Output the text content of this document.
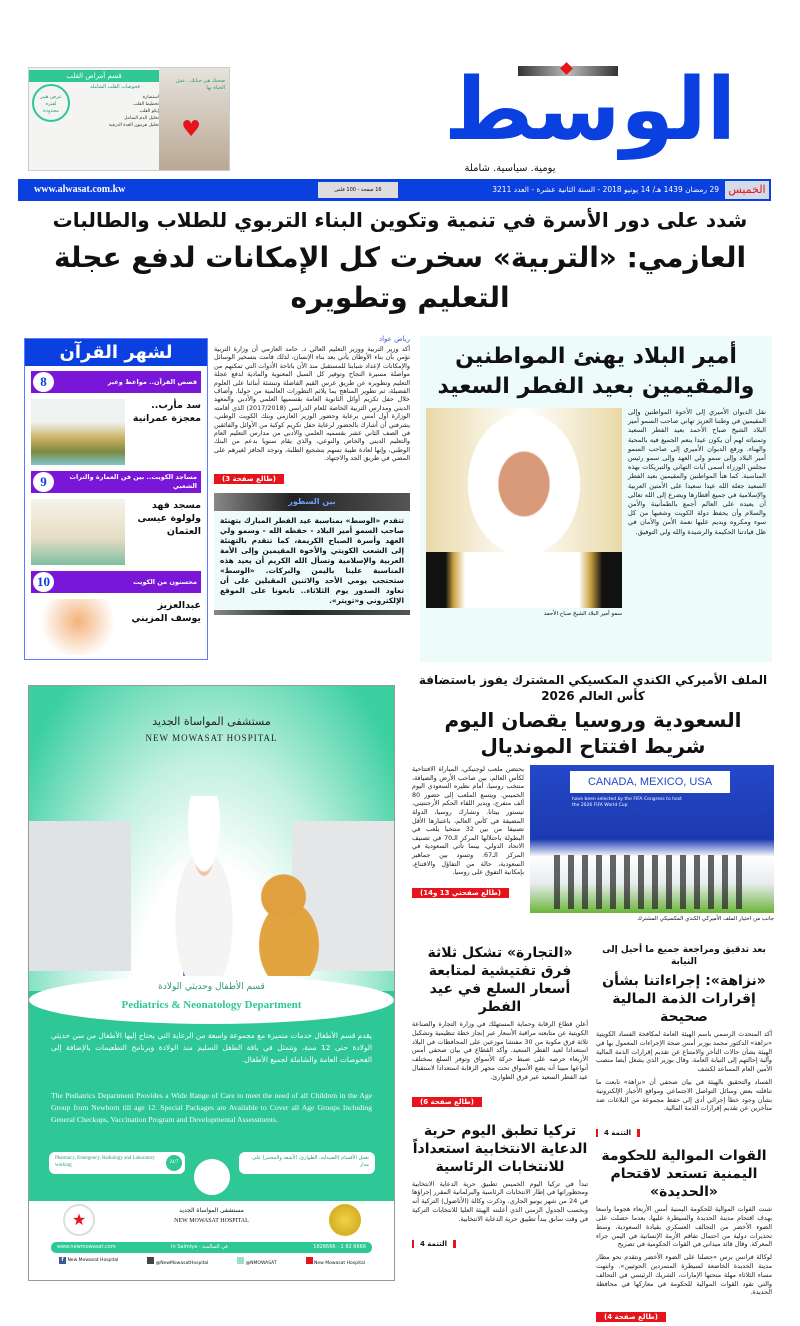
الوسط
يومية. سياسية. شاملة
♥
صحتك هي حياتك.. عش الحياة بها
قسم أمراض القلب
فحوصات القلب الشاملة
عرض هيبر لفترة محدودة
استشارة
تخطيط القلب
إيكو القلب
تحليل الدم الشامل
تحليل هرمون الغدة الدرقية
الخميس
29 رمضان 1439 هـ/ 14 يونيو 2018 - السنة الثانية عشرة - العدد 3211
16 صفحة - 100 فلس
www.alwasat.com.kw
شدد على دور الأسرة في تنمية وتكوين البناء التربوي للطلاب والطالبات
العازمي: «التربية» سخرت كل الإمكانات لدفع عجلة التعليم وتطويره
لشهر القرآن
قصص القرآن.. مواعظ وعبر
8
سد مأرب.. معجزة عمرانية
مساجد الكويت.. بين فن العمارة والتراث الشعبي
9
مسجد فهد ولولوة عيسى العثمان
محسنون من الكويت
10
عبدالعزيز يوسف المزيني
رياض عواد
أكد وزير التربية ووزير التعليم العالي د. حامد العازمي أن وزارة التربية تؤمن بأن بناء الأوطان يأتي بعد بناء الإنسان، لذلك قامت بتسخير الوسائل والإمكانات لإعداد شبابنا للمستقبل منذ الآن باتاحة الأدوات التي تمكنهم من مواصلة مسيرة النجاح وتوفير كل السبل المعنوية والمادية لدفع عجلة التعليم وتطويره عن طريق غرس القيم الفاضلة وتنشئة أبنائنا على العلوم الفضيلة، ثم تطوير المناهج بما يلائم التطورات العالمية من حولنا. وأضاف خلال حفل تكريم أوائل الثانوية العامة بقسميها العلمي والأدبي والمعهد الديني ومدارس التربية الخاصة للعام الدراسي (2017/2018) الذي أقامته الوزارة أول أمس برعاية وحضور الوزير العازمي وبنك الكويت الوطني، يشرفني أن أشارك بالحضور لرعاية حفل تكريم كوكبة من الأوائل والفائقين في الصف الثاني عشر بقسميه العلمي والأدبي من مدارس التعليم العام والتعليم الديني والخاص والنوعي، والذي يقام سنويا بدعم من البنك الوطني، وإنها لعادة طيبة تسهم بتشجيع الطلبة، وتوجد الحافز لغيرهم على المضي في طريق الجد والاجتهاد.
(طالع صفحة 3)
بين السطور
تتقدم «الوسط» بمناسبة عيد الفطر المبارك بتهنئة صاحب السمو أمير البلاد - حفظه الله - وسمو ولي العهد وأسرة الصباح الكريمة، كما تتقدم بالتهنئة إلى الشعب الكويتي والأخوة المقيمين وإلى الأمة العربية والإسلامية وتسأل الله الكريم أن يعيد هذه المناسبة علينا باليمن والبركات. «الوسط» ستحتجب يومي الأحد والاثنين المقبلين على أن تعاود الصدور يوم الثلاثاء.. تابعونا على الموقع الإلكتروني و«تويتر».
أمير البلاد يهنئ المواطنين والمقيمين بعيد الفطر السعيد
سمو أمير البلاد الشيخ صباح الأحمد
نقل الديوان الأميري إلى الأخوة المواطنين وإلى المقيمين في وطننا العزيز تهاني صاحب السمو أمير البلاد الشيخ صباح الأحمد بعيد الفطر السعيد وتمنياته لهم أن يكون عيدا ينعم الجميع فيه بالمحبة والهناء. ورفع الديوان الأميري إلى صاحب السمو أمير البلاد وإلى سمو ولي العهد وإلى سمو رئيس مجلس الوزراء أسمى آيات التهاني والتبريكات بهذه المناسبة. كما هنأ المواطنين والمقيمين بعيد الفطر السعيد جعله الله عيدا سعيدا على الأمتين العربية والإسلامية في جميع أقطارها ويضرع إلى الله تعالى أن يعيده على العالم أجمع بالطمأنينة والأمن والسلام وأن يحفظ دولة الكويت وشعبها من كل سوء ومكروه ويديم عليها نعمة الأمن والأمان في ظل قيادتنا الحكيمة والرشيدة والله ولي التوفيق.
الملف الأميركي الكندي المكسيكي المشترك يفوز باستضافة كأس العالم 2026
السعودية وروسيا يقصان اليوم شريط افتتاح المونديال
يحتضن ملعب لوجنيكي، المباراة الافتتاحية لكأس العالم، بين صاحب الأرض والضيافة، منتخب روسيا، أمام نظيره السعودي اليوم الخميس. ويتسع الملعب إلى حضور 80 ألف متفرج، ويدير اللقاء الحكم الأرجنتيني، نيستور بيتانا. وتشارك روسيا، الدولة المضيفة في كأس العالم، باعتبارها الأقل تصنيفا من بين 32 منتخبا يلعب في البطولة باحتلالها المركز الـ70 في تصنيف الاتحاد الدولي، بينما تأتي السعودية في المركز الـ67. وتسود بين جماهير السعودية، حالة من التفاؤل والاقتناع، بإمكانية التفوق على روسيا.
(طالع صفحتي 13 و14)
CANADA, MEXICO, USA
have been selected by the FIFA Congress to host the 2026 FIFA World Cup
جانب من اختيار الملف الأميركي الكندي المكسيكي المشترك
بعد تدقيق ومراجعة جميع ما أحيل إلى النيابة
«نزاهة»: إجراءاتنا بشأن إقرارات الذمة المالية صحيحة
أكد المتحدث الرسمي باسم الهيئة العامة لمكافحة الفساد الكويتية «نزاهة» الدكتور محمد بوزبر أمس صحة الإجراءات المعمول بها في الهيئة بشأن حالات التأخر والامتناع عن تقديم إقرارات الذمة المالية وآلية إحالتهم إلى النيابة العامة. وقال بوزبر الذي يشغل أيضا منصب الأمين العام المساعد لكشف
الفساد والتحقيق بالهيئة في بيان صحفي أن «نزاهة» تابعت ما تناقلته بعض وسائل التواصل الاجتماعي ومواقع الأخبار الإلكترونية بشأن وجود خطأ إجرائي أدى إلى حفظ مجموعة من البلاغات ضد متأخرين عن تقديم إقرارات الذمة المالية.
التتمة 4
القوات الموالية للحكومة اليمنية تستعد لاقتحام «الحديدة»
شنت القوات الموالية للحكومة اليمنية أمس الأربعاء هجوما واسعا بهدف اقتحام مدينة الحديدة والسيطرة عليها، بعدما حصلت على الضوء الأخضر من التحالف العسكري بقيادة السعودية، وسط تحذيرات دولية من احتمال تفاقم الأزمة الإنسانية في اليمن جراء المعركة. وقال قائد ميداني في القوات الحكومية في تصريح
لوكالة فرانس برس «حصلنا على الضوء الأخضر ونتقدم نحو مطار مدينة الحديدة الخاضعة لسيطرة المتمردين الحوثيين». وانتهت مساء الثلاثاء مهلة منحتها الإمارات، الشريك الرئيسي في التحالف والتي تقود القوات الموالية للحكومة في معاركها في محافظة الحديدة.
(طالع صفحة 4)
«التجارة» تشكل ثلاثة فرق تفتيشية لمتابعة أسعار السلع في عيد الفطر
أعلن قطاع الرقابة وحماية المستهلك في وزارة التجارة والصناعة الكويتية عن متابعته مراقبة الأسعار عبر إنجاز خطة تنظيمية وتشكيل ثلاثة فرق مكونة من 30 مفتشا موزعين على المحافظات في البلاد استعدادا لعيد الفطر السعيد. وأكد القطاع في بيان صحفي أمس الأربعاء حرصه على ضبط حركة الأسواق وتوفر السلع بمختلف أنواعها مبينا أنه يضع الأسواق تحت مجهر الرقابة استعدادا لاستقبال عيد الفطر السعيد عبر فرق الطوارئ.
(طالع صفحة 6)
تركيا تطبق اليوم حرية الدعاية الانتخابية استعداداً للانتخابات الرئاسية
تبدأ في تركيا اليوم الخميس تطبيق حرية الدعاية الانتخابية ومحظوراتها في إطار الانتخابات الرئاسية والبرلمانية المقرر إجراؤها في 24 من شهر يونيو الجاري. وذكرت وكالة (الأناضول) التركية أنه وبحسب الجدول الزمني الذي أعلنته الهيئة العليا للانتخابات التركية في وقت سابق يبدأ تطبيق حرية الدعاية الانتخابية.
التتمة 4
مستشفى المواساة الجديد
NEW MOWASAT HOSPITAL
قسم الأطفال وحديثي الولادة
Pediatrics & Neonatology Department
يقدم قسم الأطفال خدمات متميزة مع مجموعة واسعة من الرعاية التي يحتاج إليها الأطفال من سن حديثي الولادة حتى 12 سنة، وتتمثل في باقة الطفل السليم منذ الولادة وبرنامج التطعيمات بالإضافة إلى الفحوصات العامة والشاملة لجميع الأطفال.
The Pediatrics Department Provides a Wide Range of Care to meet the need of all Children in the Age Group from Newborn till age 12. Special Packages are Available to Cover all Age Groups Including General Checkups, Vaccination Program and Developmental Assessments.
Pharmacy, Emergency, Radiology and Laboratory working
24/7
تعمل الأقسام (الصيدلية، الطوارئ، الأشعة والمختبر) على مدار
مستشفى المواساة الجديد
NEW MOWASAT HOSPITAL
★
www.newmowasat.com	In Salmiya - في السالمية	1826666 - 1 82 6666
f New Mowasat Hospital
@NewMowasatHospital	@NMOWASAT	New Mowasat Hospital
